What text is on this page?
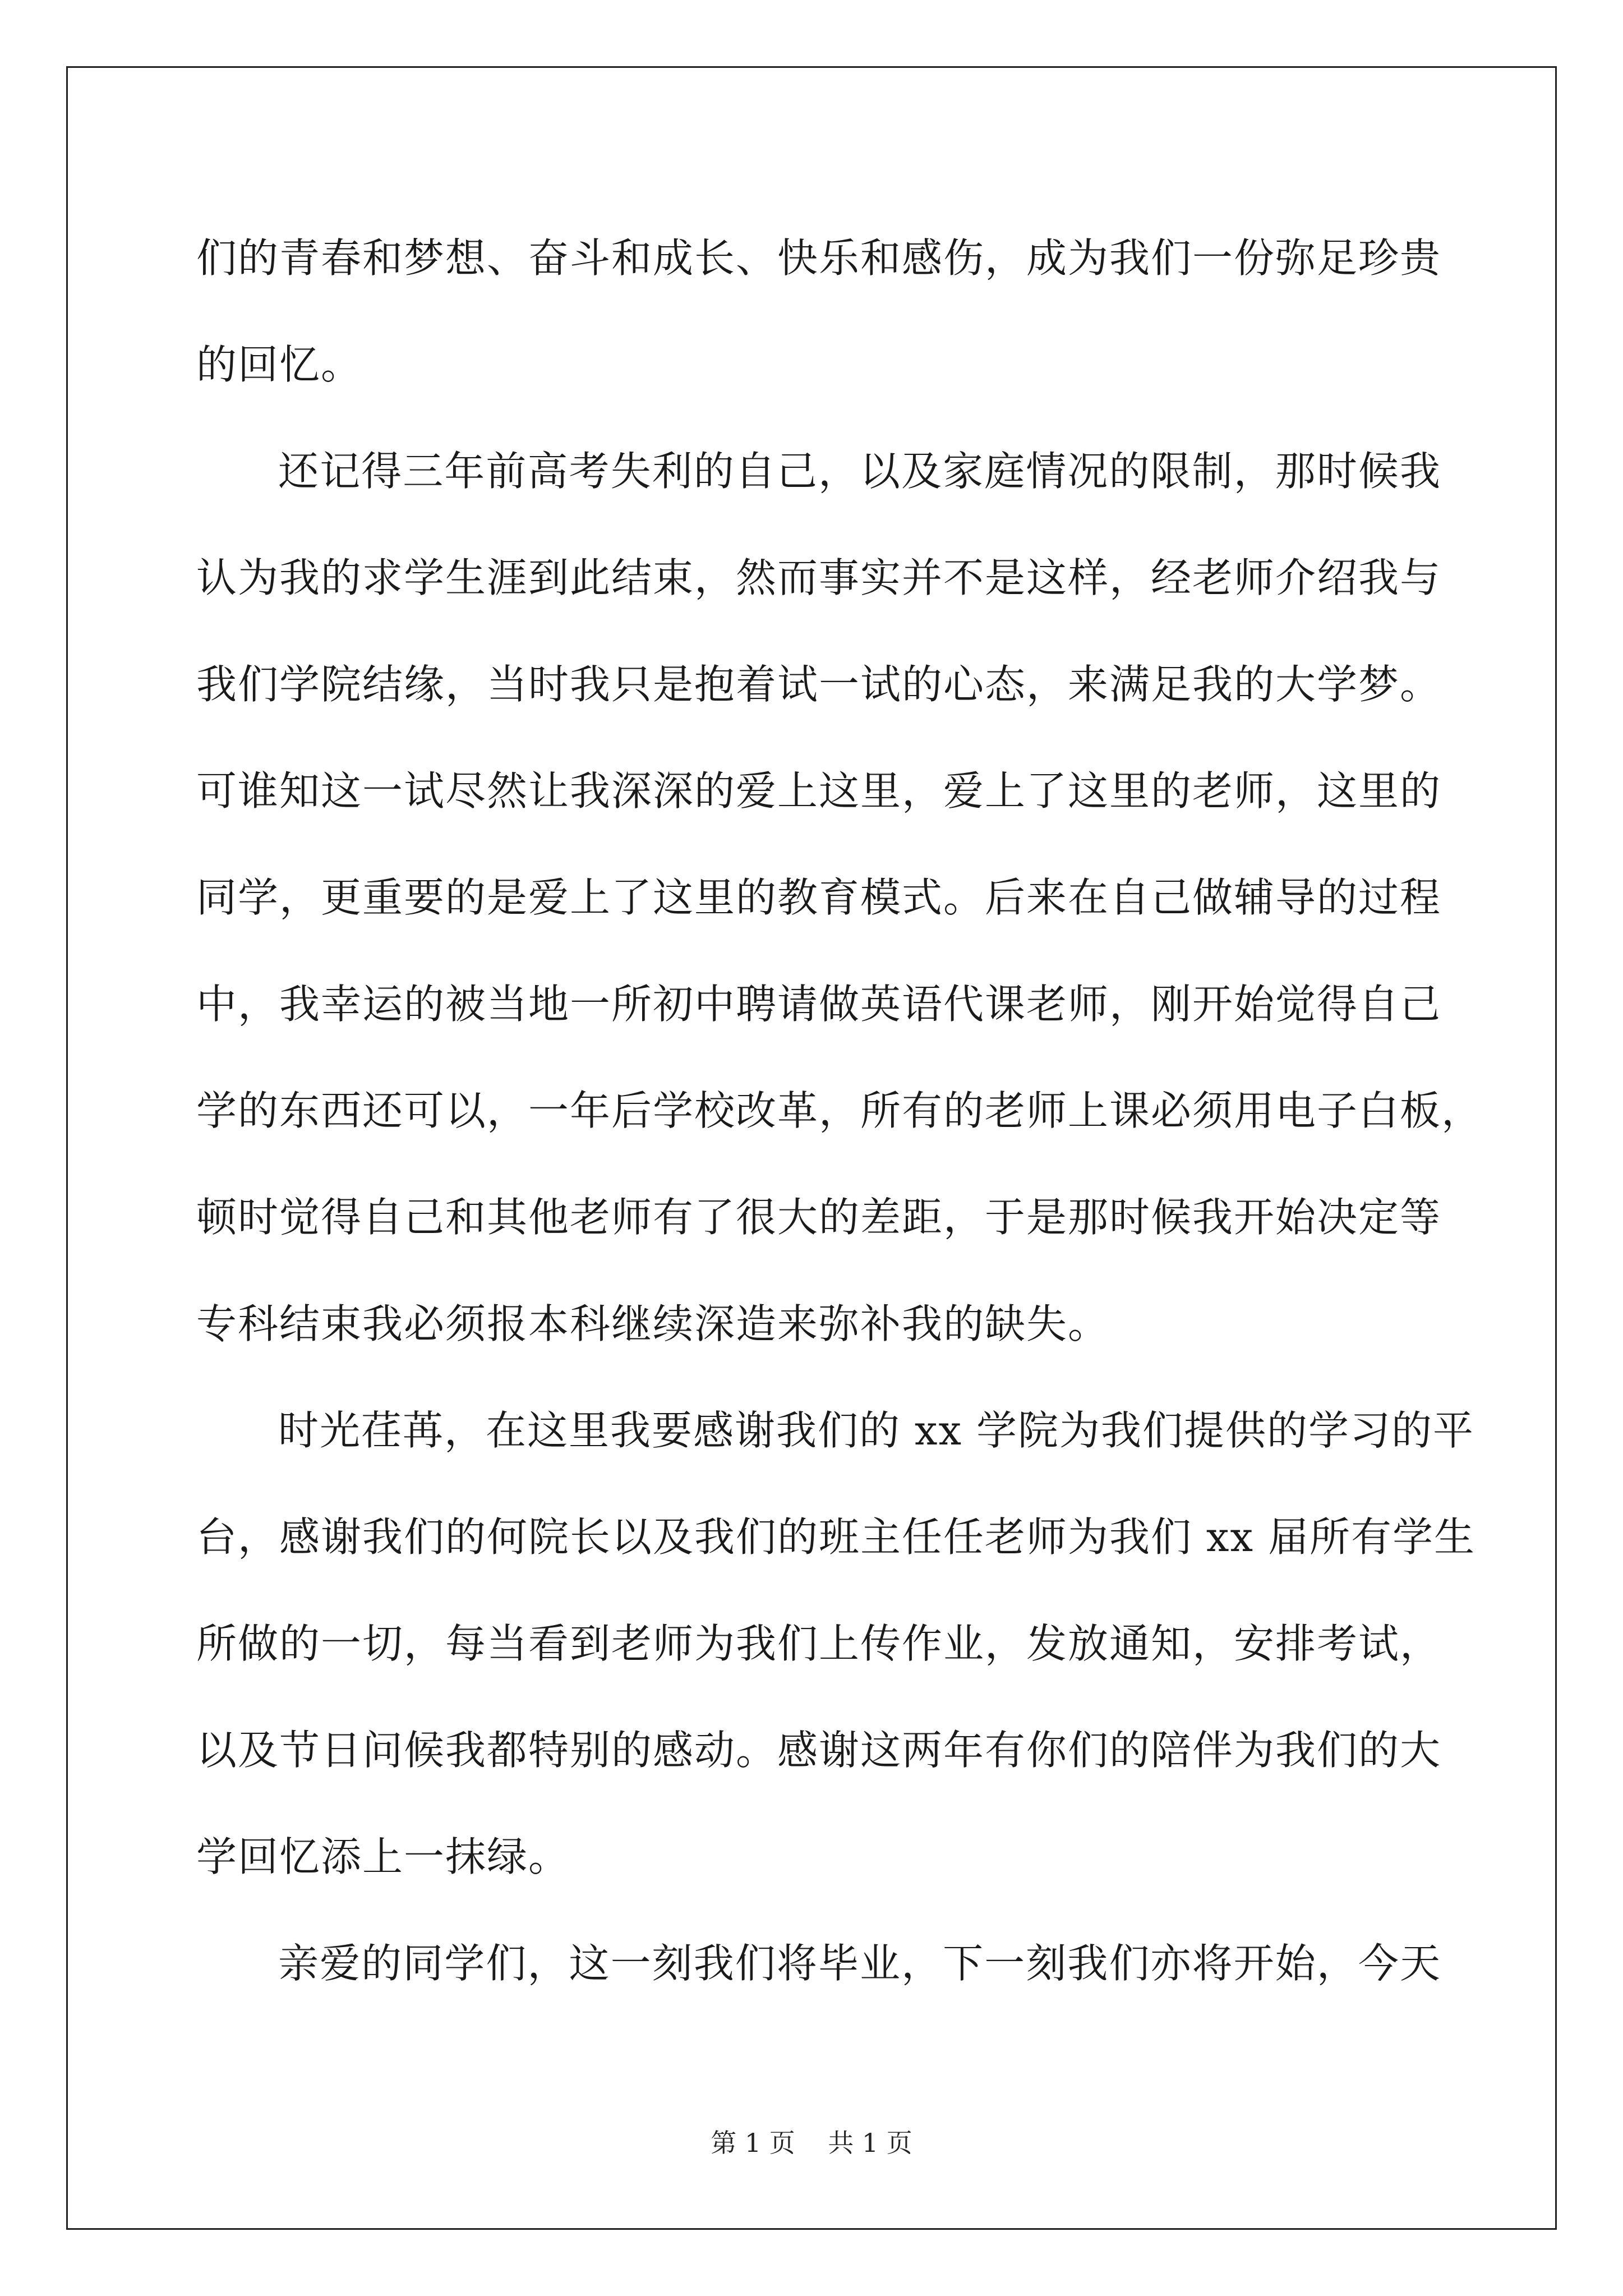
们的青春和梦想、奋斗和成长、快乐和感伤，成为我们一份弥足珍贵
的回忆。
还记得三年前高考失利的自己，以及家庭情况的限制，那时候我
认为我的求学生涯到此结束，然而事实并不是这样，经老师介绍我与
我们学院结缘，当时我只是抱着试一试的心态，来满足我的大学梦。
可谁知这一试尽然让我深深的爱上这里，爱上了这里的老师，这里的
同学，更重要的是爱上了这里的教育模式。后来在自己做辅导的过程
中，我幸运的被当地一所初中聘请做英语代课老师，刚开始觉得自己
学的东西还可以，一年后学校改革，所有的老师上课必须用电子白板，
顿时觉得自己和其他老师有了很大的差距，于是那时候我开始决定等
专科结束我必须报本科继续深造来弥补我的缺失。
时光荏苒，在这里我要感谢我们的 xx 学院为我们提供的学习的平
台，感谢我们的何院长以及我们的班主任任老师为我们 xx 届所有学生
所做的一切，每当看到老师为我们上传作业，发放通知，安排考试，
以及节日问候我都特别的感动。感谢这两年有你们的陪伴为我们的大
学回忆添上一抹绿。
亲爱的同学们，这一刻我们将毕业，下一刻我们亦将开始，今天
第 1 页    共 1 页
